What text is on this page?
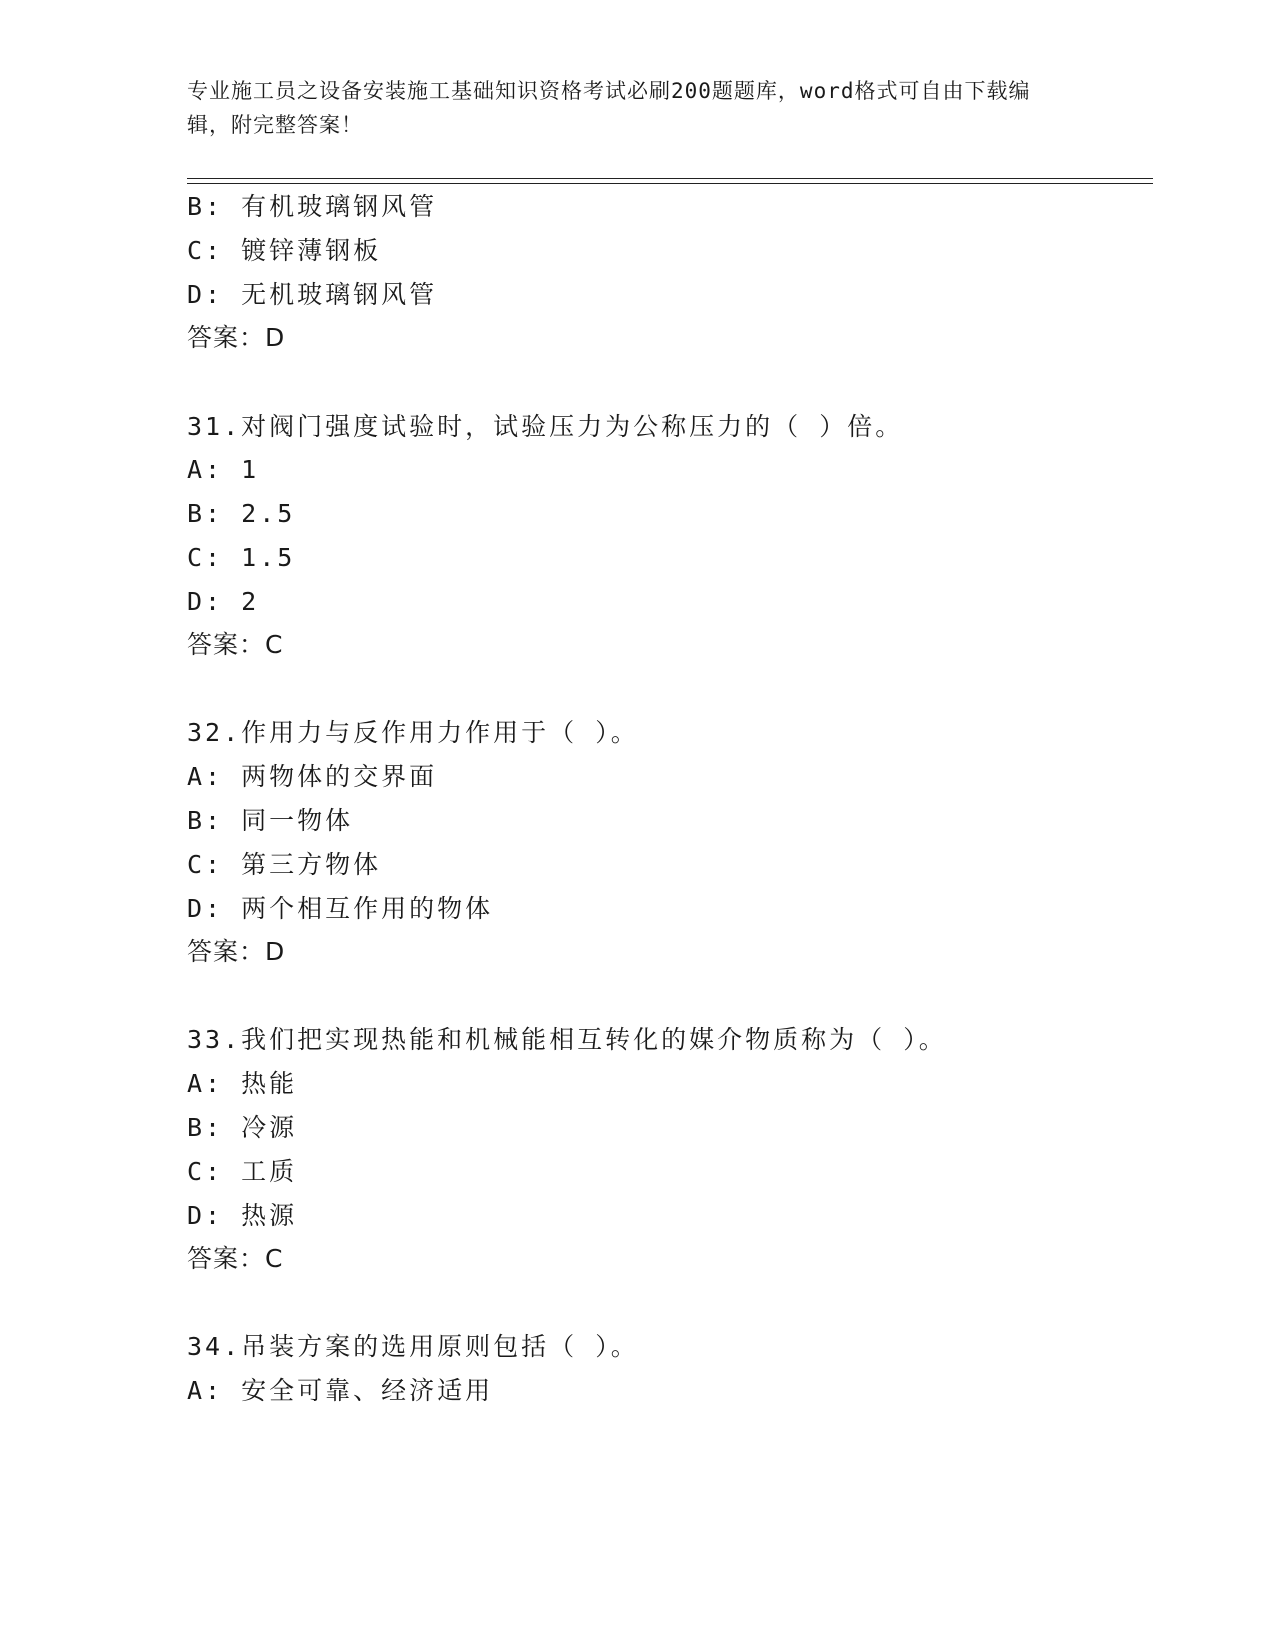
专业施工员之设备安装施工基础知识资格考试必刷200题题库，word格式可自由下载编辑，附完整答案！
B: 有机玻璃钢风管
C: 镀锌薄钢板
D: 无机玻璃钢风管
答案：D
31.对阀门强度试验时，试验压力为公称压力的（ ）倍。
A: 1
B: 2.5
C: 1.5
D: 2
答案：C
32.作用力与反作用力作用于（ ）。
A: 两物体的交界面
B: 同一物体
C: 第三方物体
D: 两个相互作用的物体
答案：D
33.我们把实现热能和机械能相互转化的媒介物质称为（ ）。
A: 热能
B: 冷源
C: 工质
D: 热源
答案：C
34.吊装方案的选用原则包括（ ）。
A: 安全可靠、经济适用
